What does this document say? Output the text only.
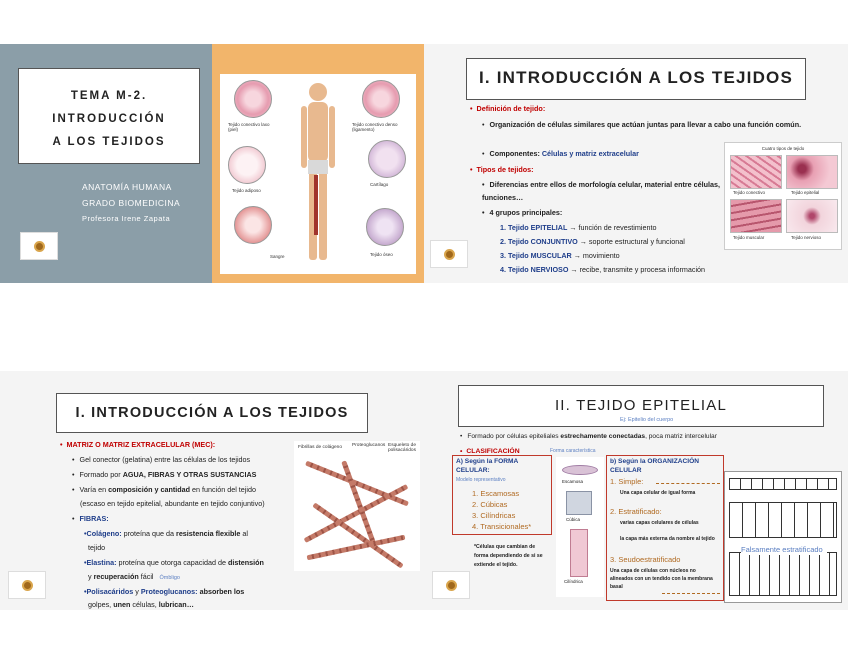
TEMA M-2.
INTRODUCCIÓN
A LOS TEJIDOS
ANATOMÍA HUMANA
GRADO BIOMEDICINA
Profesora Irene Zapata
Tejido conectivo laxo (piel)
Tejido conectivo denso (ligamento)
Tejido adiposo
Cartílago
Sangre	Tejido óseo
I. INTRODUCCIÓN A LOS TEJIDOS
• Definición de tejido:
• Organización de células similares que actúan juntas para llevar a cabo una función común.
• Componentes: Células y matriz extracelular
• Tipos de tejidos:
• Diferencias entre ellos de morfología celular, material entre células, funciones…
• 4 grupos principales:
1. Tejido EPITELIAL → función de revestimiento
2. Tejido CONJUNTIVO → soporte estructural y funcional
3. Tejido MUSCULAR → movimiento
4. Tejido NERVIOSO → recibe, transmite y procesa información
Cuatro tipos de tejido
Tejido conectivo	Tejido epitelial
Tejido muscular	Tejido nervioso
I. INTRODUCCIÓN A LOS TEJIDOS
• MATRIZ O MATRIZ EXTRACELULAR (MEC):
• Gel conector (gelatina) entre las células de los tejidos
• Formado por AGUA, FIBRAS Y OTRAS SUSTANCIAS
• Varía en composición y cantidad en función del tejido
(escaso en tejido epitelial, abundante en tejido conjuntivo)
• FIBRAS:
•Colágeno: proteína que da resistencia flexible al
tejido
•Elastina: proteína que otorga capacidad de distensión
y recuperación fácil Ómbligo
•Polisacáridos y Proteoglucanos: absorben los
golpes, unen células, lubrican…
Fibrillas de colágeno Proteoglucanos Esqueleto de polisacáridos
II. TEJIDO EPITELIAL
Ej: Epitelio del cuerpo
• Formado por células epiteliales estrechamente conectadas, poca matriz intercelular
• CLASIFICACIÓN	Forma característica
A) Según la FORMA CELULAR:
Modelo representativo
1. Escamosas
2. Cúbicas
3. Cilíndricas
4. Transicionales*
*Células que cambian de forma dependiendo de si se extiende el tejido.
Escamosa
Cúbica
Cilíndrica
b) Según la ORGANIZACIÓN CELULAR
1. Simple:
Una capa celular de igual forma
2. Estratificado:
varias capas celulares de células
la capa más externa da nombre al tejido
3. Seudoestratificado
Una capa de células con núcleos no alineados con un tendido con la membrana basal
Falsamente estratificado
